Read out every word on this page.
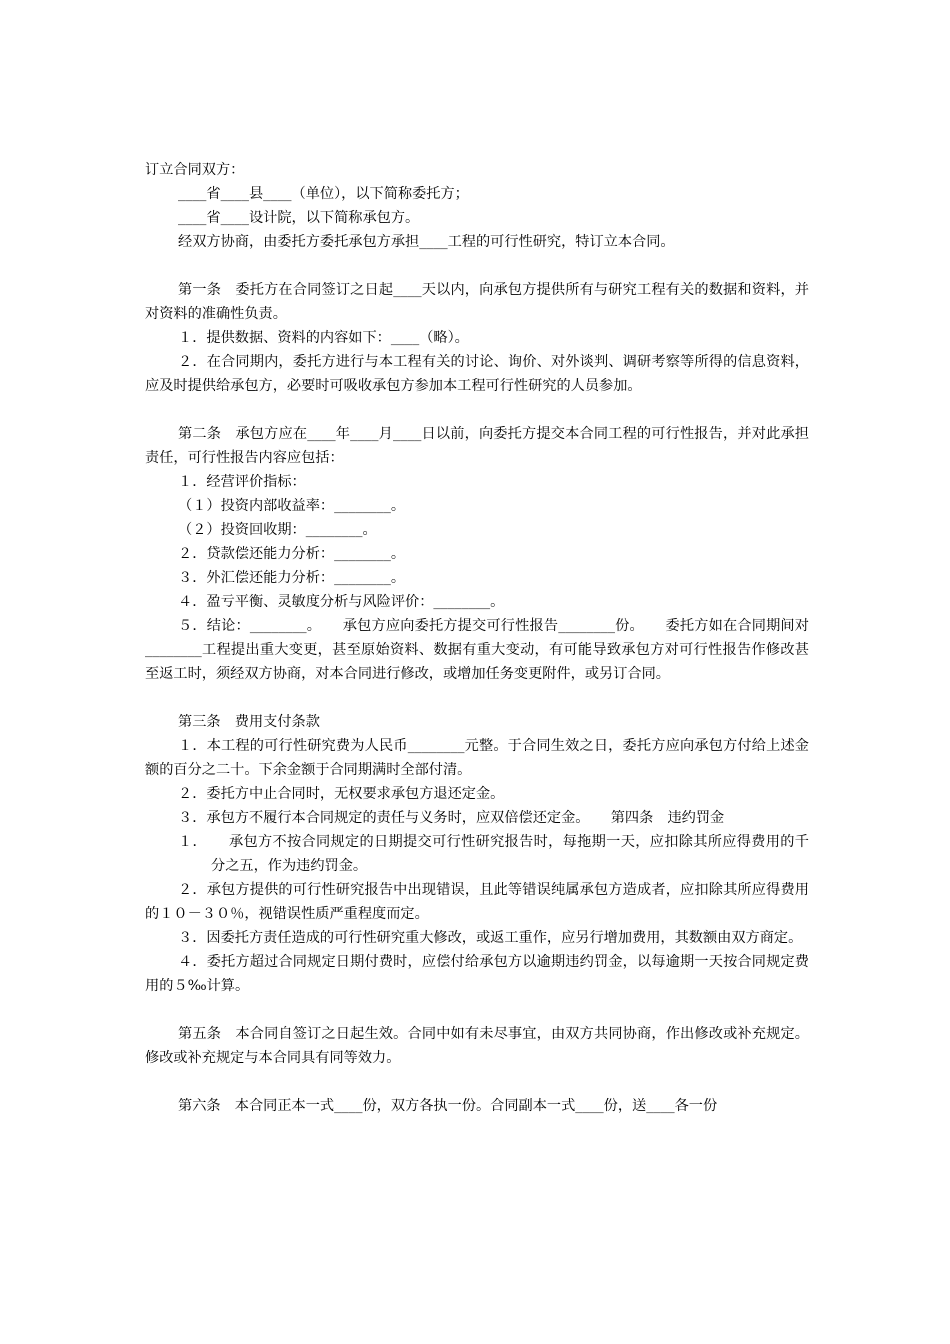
订立合同双方：

____省____县____（单位），以下简称委托方；

____省____设计院，以下简称承包方。

经双方协商，由委托方委托承包方承担____工程的可行性研究，特订立本合同。

第一条　委托方在合同签订之日起____天以内，向承包方提供所有与研究工程有关的数据和资料，并对资料的准确性负责。

１．提供数据、资料的内容如下：____（略）。

２．在合同期内，委托方进行与本工程有关的讨论、询价、对外谈判、调研考察等所得的信息资料，应及时提供给承包方，必要时可吸收承包方参加本工程可行性研究的人员参加。

第二条　承包方应在____年____月____日以前，向委托方提交本合同工程的可行性报告，并对此承担责任，可行性报告内容应包括：

１．经营评价指标：

（１）投资内部收益率：________。

（２）投资回收期：________。

２．贷款偿还能力分析：________。

３．外汇偿还能力分析：________。

４．盈亏平衡、灵敏度分析与风险评价：________。

５．结论：________。　　承包方应向委托方提交可行性报告________份。　　委托方如在合同期间对________工程提出重大变更，甚至原始资料、数据有重大变动，有可能导致承包方对可行性报告作修改甚至返工时，须经双方协商，对本合同进行修改，或增加任务变更附件，或另订合同。

第三条　费用支付条款

１．本工程的可行性研究费为人民币________元整。于合同生效之日，委托方应向承包方付给上述金额的百分之二十。下余金额于合同期满时全部付清。

２．委托方中止合同时，无权要求承包方退还定金。

３．承包方不履行本合同规定的责任与义务时，应双倍偿还定金。　　第四条　违约罚金

１．　　承包方不按合同规定的日期提交可行性研究报告时，每拖期一天，应扣除其所应得费用的千分之五，作为违约罚金。

２．承包方提供的可行性研究报告中出现错误，且此等错误纯属承包方造成者，应扣除其所应得费用的１０－３０％，视错误性质严重程度而定。

３．因委托方责任造成的可行性研究重大修改，或返工重作，应另行增加费用，其数额由双方商定。

４．委托方超过合同规定日期付费时，应偿付给承包方以逾期违约罚金，以每逾期一天按合同规定费用的５‰计算。

第五条　本合同自签订之日起生效。合同中如有未尽事宜，由双方共同协商，作出修改或补充规定。修改或补充规定与本合同具有同等效力。

第六条　本合同正本一式____份，双方各执一份。合同副本一式____份，送____各一份
